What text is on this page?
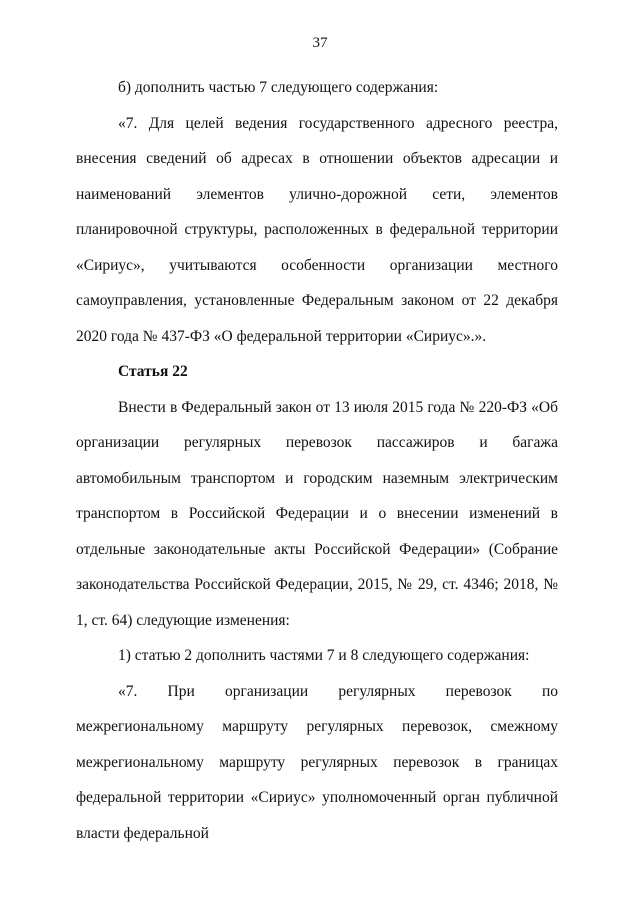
37

б) дополнить частью 7 следующего содержания:

«7. Для целей ведения государственного адресного реестра, внесения сведений об адресах в отношении объектов адресации и наименований элементов улично-дорожной сети, элементов планировочной структуры, расположенных в федеральной территории «Сириус», учитываются особенности организации местного самоуправления, установленные Федеральным законом от 22 декабря 2020 года № 437-ФЗ «О федеральной территории «Сириус».».

Статья 22

Внести в Федеральный закон от 13 июля 2015 года № 220-ФЗ «Об организации регулярных перевозок пассажиров и багажа автомобильным транспортом и городским наземным электрическим транспортом в Российской Федерации и о внесении изменений в отдельные законодательные акты Российской Федерации» (Собрание законодательства Российской Федерации, 2015, № 29, ст. 4346; 2018, № 1, ст. 64) следующие изменения:

1) статью 2 дополнить частями 7 и 8 следующего содержания:

«7. При организации регулярных перевозок по межрегиональному маршруту регулярных перевозок, смежному межрегиональному маршруту регулярных перевозок в границах федеральной территории «Сириус» уполномоченный орган публичной власти федеральной
